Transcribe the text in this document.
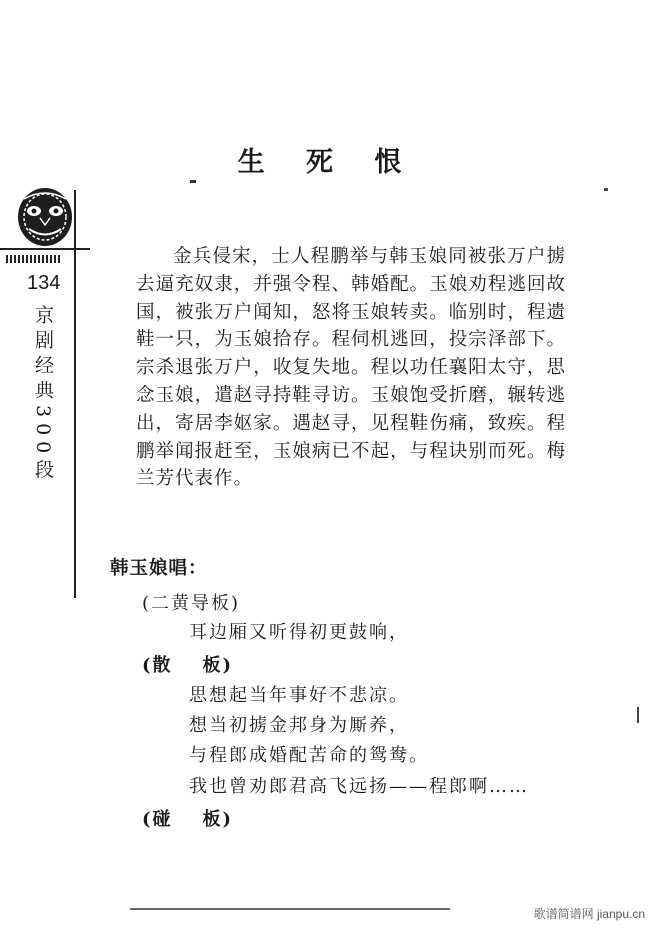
134
京剧经典300段
生 死 恨
金兵侵宋，士人程鹏举与韩玉娘同被张万户掳去逼充奴隶，并强令程、韩婚配。玉娘劝程逃回故国，被张万户闻知，怒将玉娘转卖。临别时，程遗鞋一只，为玉娘拾存。程伺机逃回，投宗泽部下。宗杀退张万户，收复失地。程以功任襄阳太守，思念玉娘，遣赵寻持鞋寻访。玉娘饱受折磨，辗转逃出，寄居李妪家。遇赵寻，见程鞋伤痛，致疾。程鹏举闻报赶至，玉娘病已不起，与程诀别而死。梅兰芳代表作。
韩玉娘唱：
(二黄导板)
耳边厢又听得初更鼓响，
(散 板)
思想起当年事好不悲凉。
想当初掳金邦身为厮养，
与程郎成婚配苦命的鸳鸯。
我也曾劝郎君高飞远扬——程郎啊……
(碰 板)
歌谱简谱网 jianpu.cn
